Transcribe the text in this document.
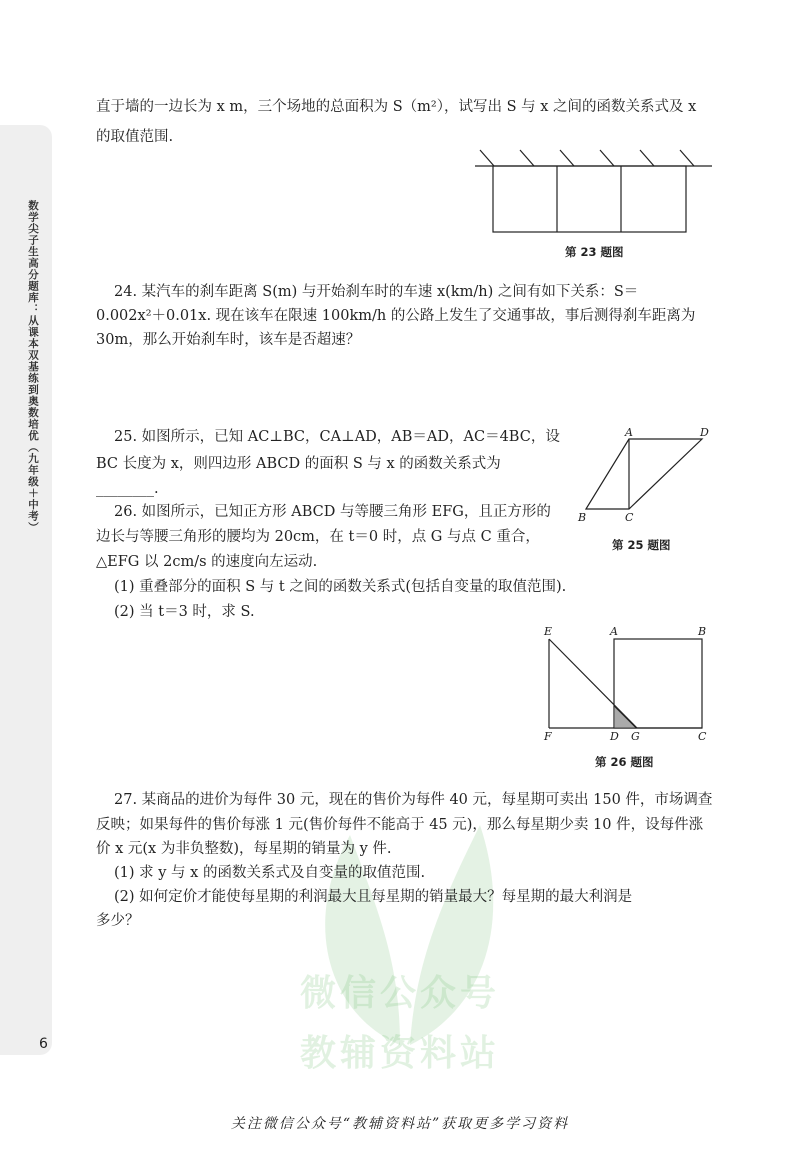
数学尖子生高分题库：从课本双基练到奥数培优（九年级＋中考）
6
微信公众号
教辅资料站
直于墙的一边长为 x m，三个场地的总面积为 S（m²），试写出 S 与 x 之间的函数关系式及 x
的取值范围.
第 23 题图
24. 某汽车的刹车距离 S(m) 与开始刹车时的车速 x(km/h) 之间有如下关系：S＝
0.002x²＋0.01x. 现在该车在限速 100km/h 的公路上发生了交通事故，事后测得刹车距离为
30m，那么开始刹车时，该车是否超速？
25. 如图所示，已知 AC⊥BC，CA⊥AD，AB＝AD，AC＝4BC，设
BC 长度为 x，则四边形 ABCD 的面积 S 与 x 的函数关系式为
________.
A	D
B	C
第 25 题图
26. 如图所示，已知正方形 ABCD 与等腰三角形 EFG，且正方形的
边长与等腰三角形的腰均为 20cm，在 t＝0 时，点 G 与点 C 重合，
△EFG 以 2cm/s 的速度向左运动.
(1) 重叠部分的面积 S 与 t 之间的函数关系式(包括自变量的取值范围).
(2) 当 t＝3 时，求 S.
E	A	B
F	D G	C
第 26 题图
27. 某商品的进价为每件 30 元，现在的售价为每件 40 元，每星期可卖出 150 件，市场调查
反映；如果每件的售价每涨 1 元(售价每件不能高于 45 元)，那么每星期少卖 10 件，设每件涨
价 x 元(x 为非负整数)，每星期的销量为 y 件.
(1) 求 y 与 x 的函数关系式及自变量的取值范围.
(2) 如何定价才能使每星期的利润最大且每星期的销量最大？每星期的最大利润是
多少？
关注微信公众号“教辅资料站”获取更多学习资料
